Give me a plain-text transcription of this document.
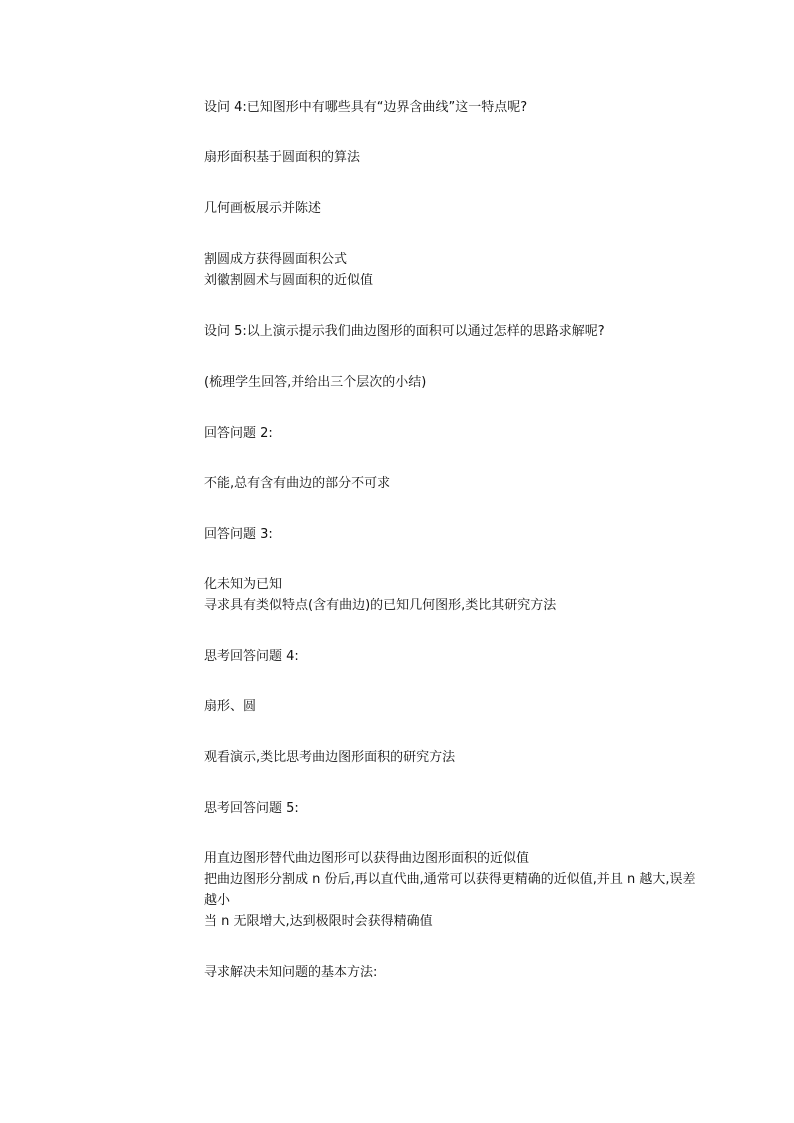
设问 4:已知图形中有哪些具有“边界含曲线”这一特点呢?

扇形面积基于圆面积的算法

几何画板展示并陈述

割圆成方获得圆面积公式

刘徽割圆术与圆面积的近似值

设问 5:以上演示提示我们曲边图形的面积可以通过怎样的思路求解呢?

(梳理学生回答,并给出三个层次的小结)

回答问题 2:

不能,总有含有曲边的部分不可求

回答问题 3:

化未知为已知

寻求具有类似特点(含有曲边)的已知几何图形,类比其研究方法

思考回答问题 4:

扇形、圆

观看演示,类比思考曲边图形面积的研究方法

思考回答问题 5:

用直边图形替代曲边图形可以获得曲边图形面积的近似值

把曲边图形分割成 n 份后,再以直代曲,通常可以获得更精确的近似值,并且 n 越大,误差越小

当 n 无限增大,达到极限时会获得精确值

寻求解决未知问题的基本方法:
